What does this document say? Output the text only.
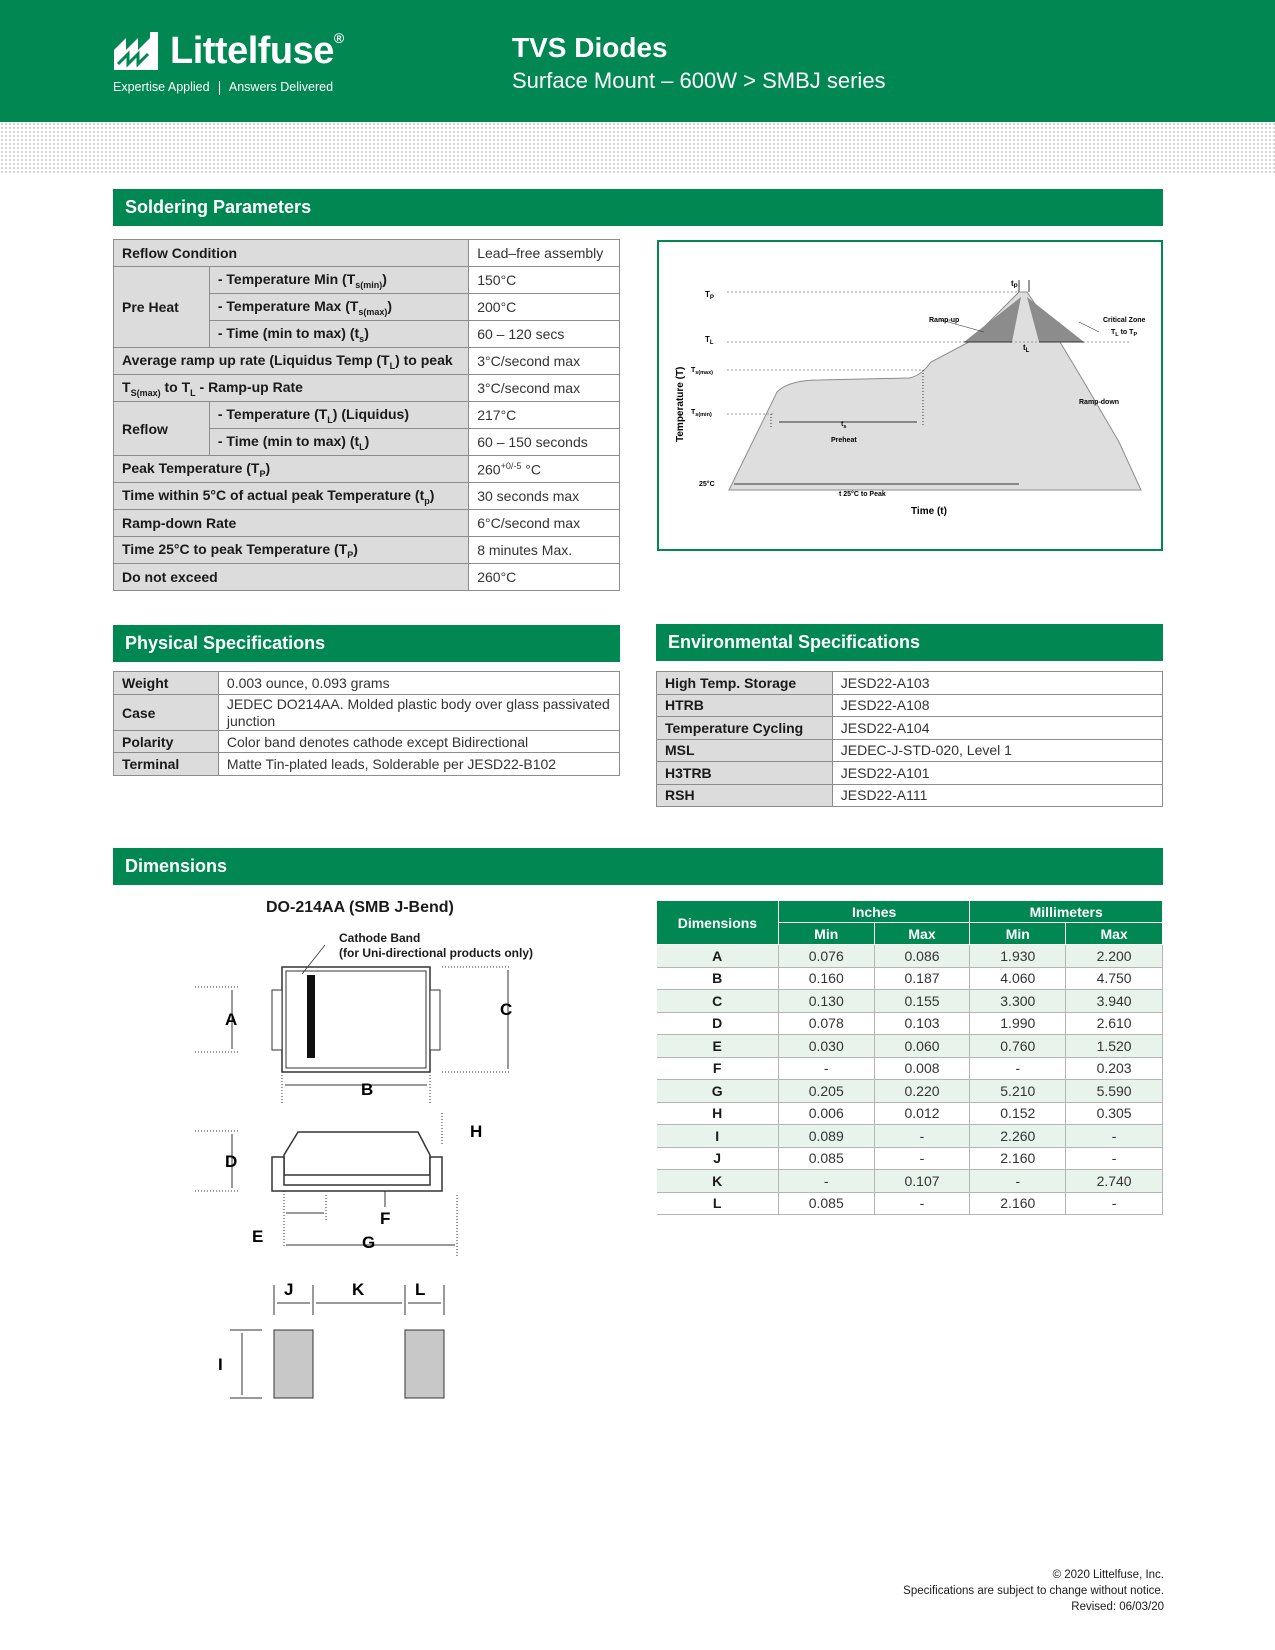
Littelfuse®
Expertise Applied Answers Delivered
TVS Diodes
Surface Mount – 600W > SMBJ series
Soldering Parameters
Reflow Condition		Lead–free assembly
Pre Heat	- Temperature Min $(T_{s(min)})$	150°C
	- Temperature Max $(T_{s(max)})$	200°C
	- Time (min to max) $(t_s)$	60 – 120 secs
Average ramp up rate (Liquidus Temp $(T_L)$ to peak		3°C/second max
$T_{S(max)}$ to $T_L$ - Ramp-up Rate		3°C/second max
Reflow	- Temperature $(T_L)$ (Liquidus)	217°C
	- Time (min to max) $(t_L)$	60 – 150 seconds
Peak Temperature $(T_P)$		$260^{+0/-5}$ °C
Time within 5°C of actual peak Temperature $(t_p)$		30 seconds max
Ramp-down Rate		6°C/second max
Time 25°C to peak Temperature $(T_P)$		8 minutes Max.
Do not exceed		260°C
$T_P$
$T_L$
$T_{s(max)}$
$T_{s(min)}$
25°C
$t_P$
$t_L$
$t_s$
Preheat
Ramp-up
Ramp-down
Critical Zone
$T_L$ to $T_P$
t 25°C to Peak
Time (t)
Temperature (T)
Physical Specifications
Weight	0.003 ounce, 0.093 grams
Case	JEDEC DO214AA. Molded plastic body over glass passivated junction
Polarity	Color band denotes cathode except Bidirectional
Terminal	Matte Tin-plated leads, Solderable per JESD22-B102
Environmental Specifications
High Temp. Storage	JESD22-A103
HTRB	JESD22-A108
Temperature Cycling	JESD22-A104
MSL	JEDEC-J-STD-020, Level 1
H3TRB	JESD22-A101
RSH	JESD22-A111
Dimensions
DO-214AA (SMB J-Bend)
Cathode Band
(for Uni-directional products only)
A
C
B
D
H
F
E	G
J	K	L
I
Dimensions	Inches		Millimeters	
	Min	Max	Min	Max
A	0.076	0.086	1.930	2.200
B	0.160	0.187	4.060	4.750
C	0.130	0.155	3.300	3.940
D	0.078	0.103	1.990	2.610
E	0.030	0.060	0.760	1.520
F	-	0.008	-	0.203
G	0.205	0.220	5.210	5.590
H	0.006	0.012	0.152	0.305
I	0.089	-	2.260	-
J	0.085	-	2.160	-
K	-	0.107	-	2.740
L	0.085	-	2.160	-
© 2020 Littelfuse, Inc.
Specifications are subject to change without notice.
Revised: 06/03/20
